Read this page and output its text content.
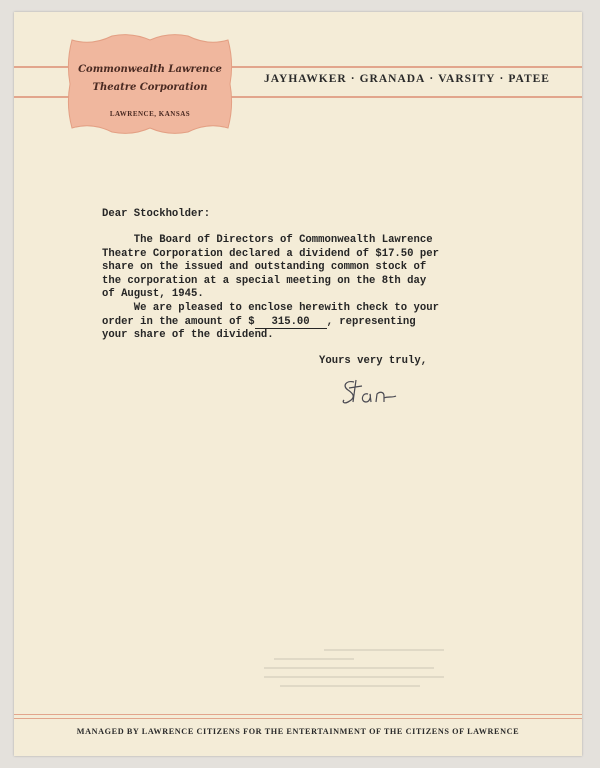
Commonwealth Lawrence
Theatre Corporation
LAWRENCE, KANSAS
JAYHAWKER · GRANADA · VARSITY · PATEE
Dear Stockholder:
The Board of Directors of Commonwealth Lawrence
Theatre Corporation declared a dividend of $17.50 per
share on the issued and outstanding common stock of
the corporation at a special meeting on the 8th day
of August, 1945.
We are pleased to enclose herewith check to your
order in the amount of $ 315.00 , representing
your share of the dividend.
Yours very truly,
MANAGED BY LAWRENCE CITIZENS FOR THE ENTERTAINMENT OF THE CITIZENS OF LAWRENCE
